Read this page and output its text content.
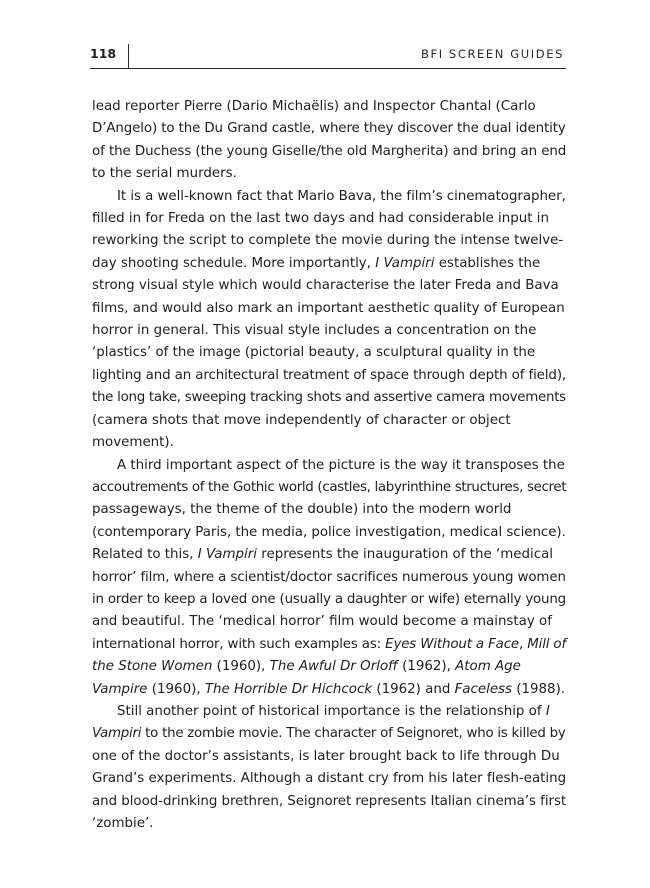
118	BFI SCREEN GUIDES
lead reporter Pierre (Dario Michaëlis) and Inspector Chantal (Carlo
D’Angelo) to the Du Grand castle, where they discover the dual identity
of the Duchess (the young Giselle/the old Margherita) and bring an end
to the serial murders.
It is a well-known fact that Mario Bava, the film’s cinematographer,
filled in for Freda on the last two days and had considerable input in
reworking the script to complete the movie during the intense twelve-
day shooting schedule. More importantly, I Vampiri establishes the
strong visual style which would characterise the later Freda and Bava
films, and would also mark an important aesthetic quality of European
horror in general. This visual style includes a concentration on the
‘plastics’ of the image (pictorial beauty, a sculptural quality in the
lighting and an architectural treatment of space through depth of field),
the long take, sweeping tracking shots and assertive camera movements
(camera shots that move independently of character or object
movement).
A third important aspect of the picture is the way it transposes the
accoutrements of the Gothic world (castles, labyrinthine structures, secret
passageways, the theme of the double) into the modern world
(contemporary Paris, the media, police investigation, medical science).
Related to this, I Vampiri represents the inauguration of the ‘medical
horror’ film, where a scientist/doctor sacrifices numerous young women
in order to keep a loved one (usually a daughter or wife) eternally young
and beautiful. The ‘medical horror’ film would become a mainstay of
international horror, with such examples as: Eyes Without a Face, Mill of
the Stone Women (1960), The Awful Dr Orloff (1962), Atom Age
Vampire (1960), The Horrible Dr Hichcock (1962) and Faceless (1988).
Still another point of historical importance is the relationship of I
Vampiri to the zombie movie. The character of Seignoret, who is killed by
one of the doctor’s assistants, is later brought back to life through Du
Grand’s experiments. Although a distant cry from his later flesh-eating
and blood-drinking brethren, Seignoret represents Italian cinema’s first
‘zombie’.
